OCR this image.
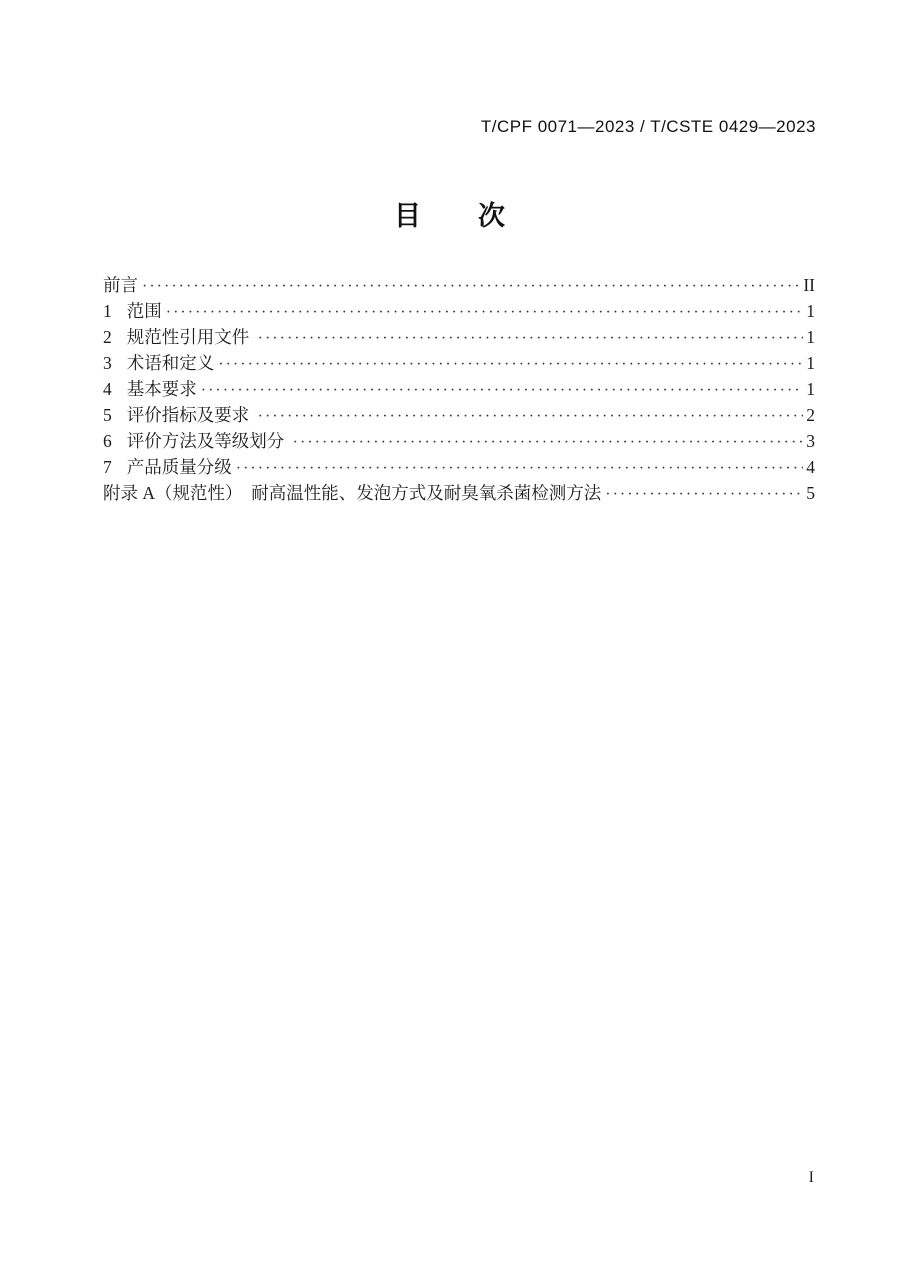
T/CPF 0071—2023 / T/CSTE 0429—2023
目　　次
前言 ·····	II
1 范围 ·····	1
2 规范性引用文件 ·····	1
3 术语和定义 ·····	1
4 基本要求 ·····	1
5 评价指标及要求 ·····	2
6 评价方法及等级划分 ·····	3
7 产品质量分级 ·····	4
附录 A（规范性）　耐高温性能、发泡方式及耐臭氧杀菌检测方法 ·····	5
I
